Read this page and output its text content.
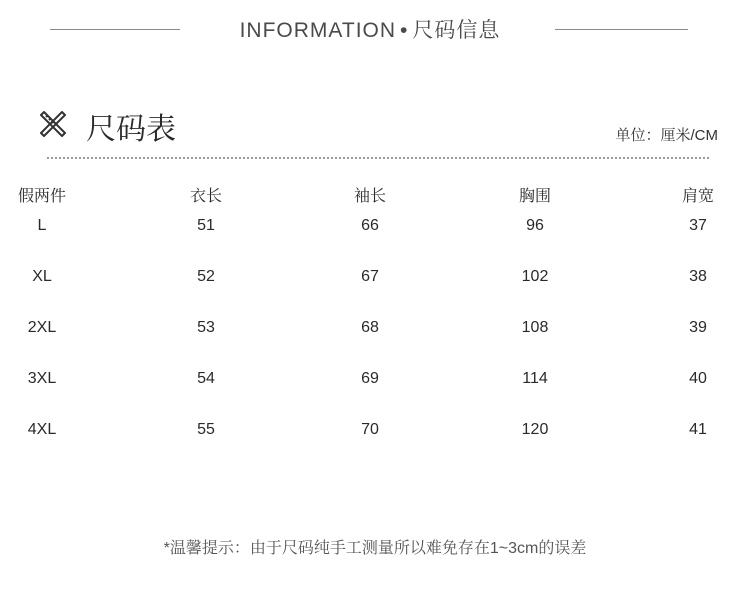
INFORMATION • 尺码信息
尺码表	单位：厘米/CM
假两件	衣长	袖长	胸围	肩宽
L	51	66	96	37
XL	52	67	102	38
2XL	53	68	108	39
3XL	54	69	114	40
4XL	55	70	120	41
*温馨提示：由于尺码纯手工测量所以难免存在1~3cm的误差
